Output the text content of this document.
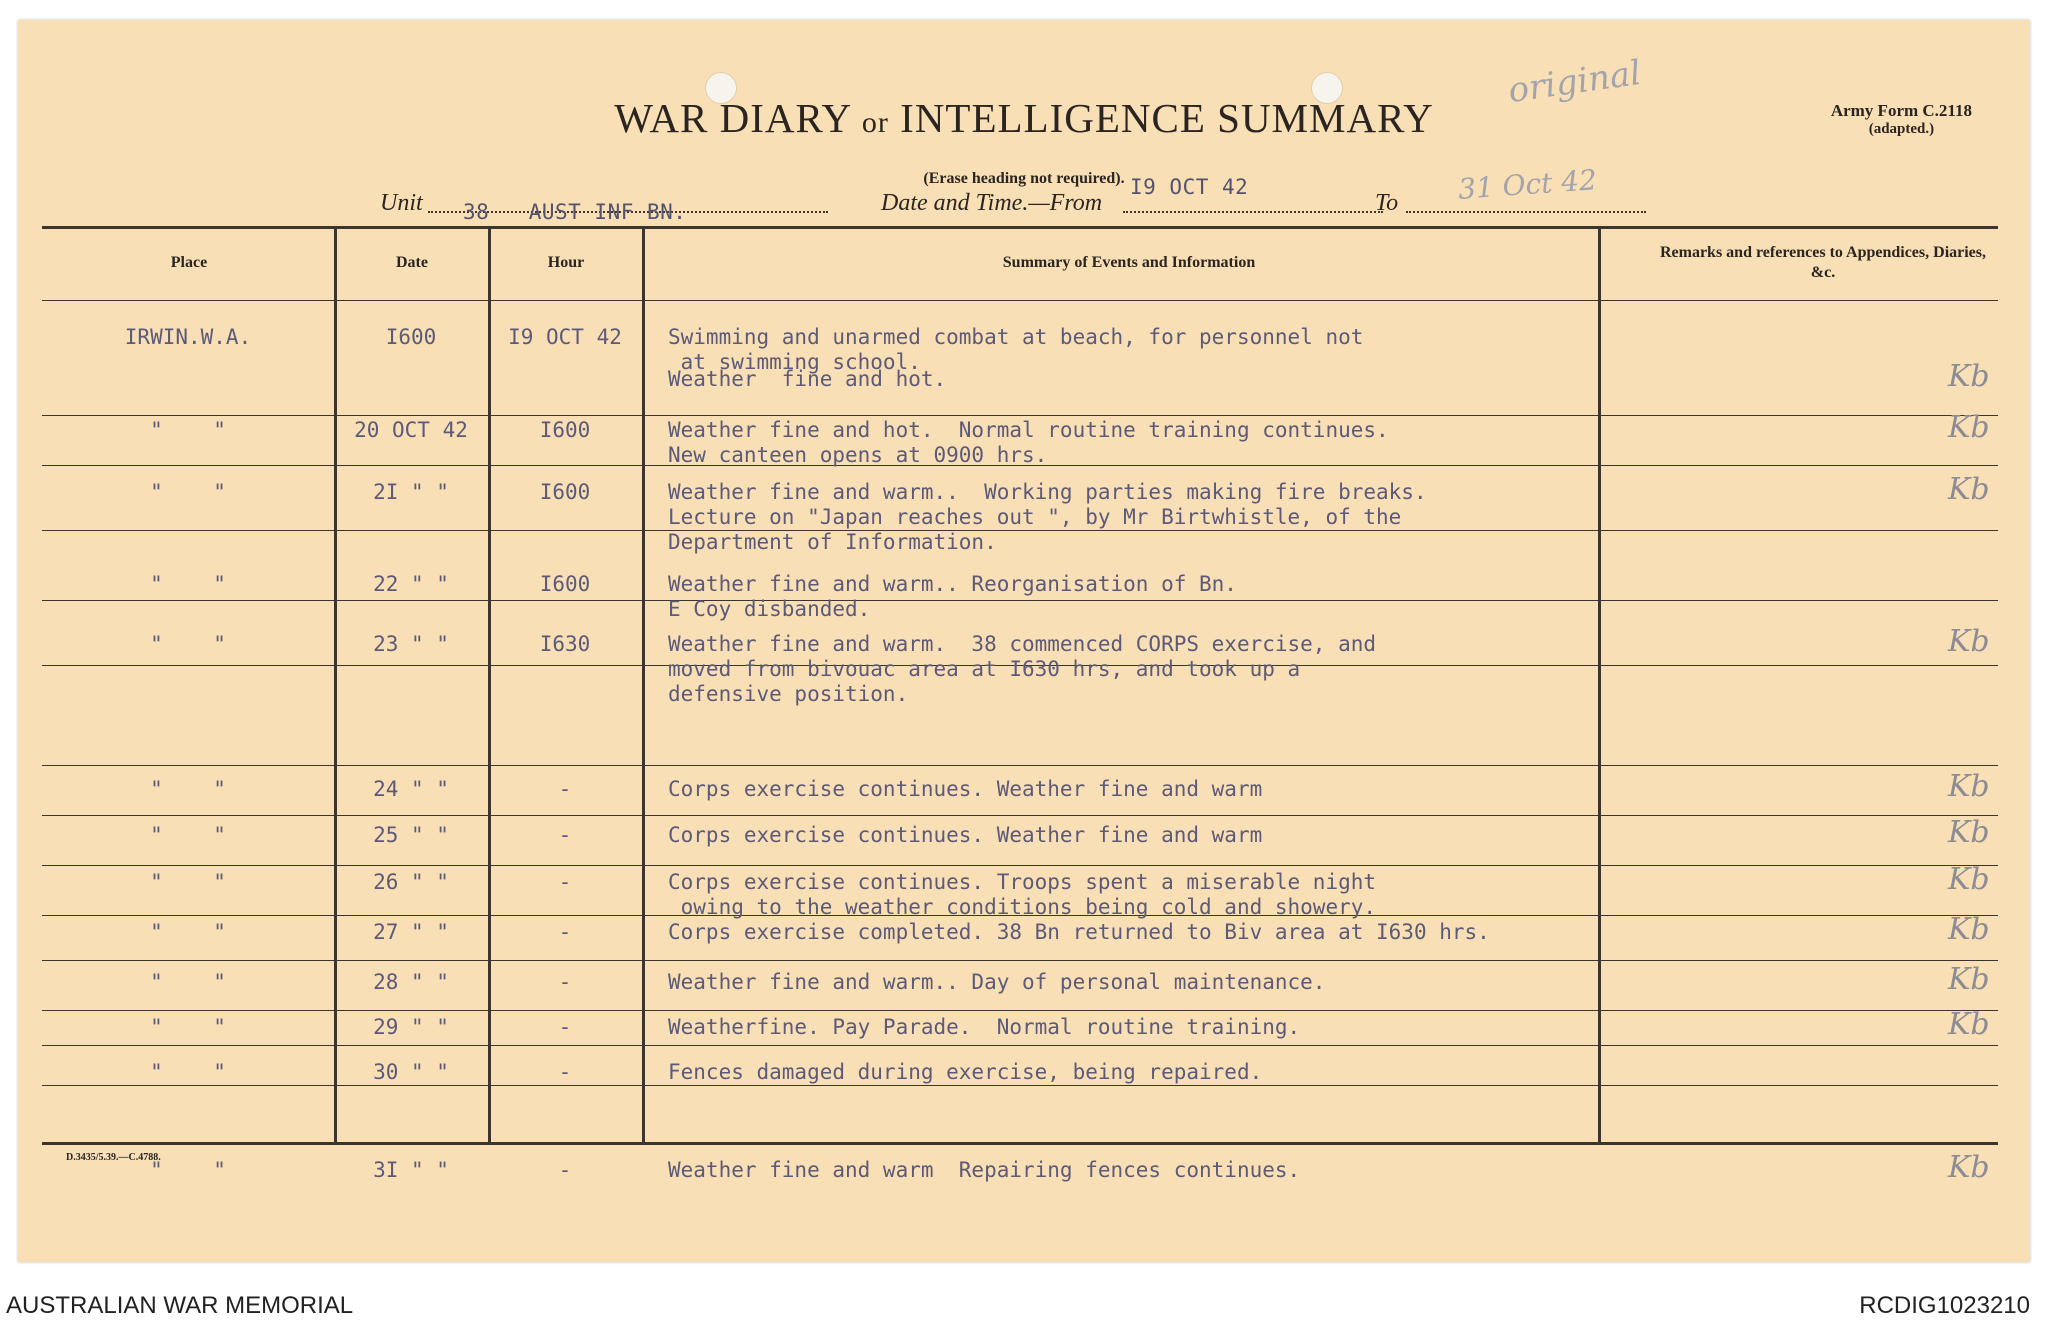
WAR DIARY or INTELLIGENCE SUMMARY
(Erase heading not required).
original	Army Form C.2118
(adapted.)
Unit 38   AUST INF BN.	Date and Time.—From
I9 OCT 42
To 31 Oct 42
Place	Date	Hour	Summary of Events and Information
Remarks and references to Appendices, Diaries, &c.
IRWIN.W.A.	I600	I9 OCT 42	Swimming and unarmed combat at beach, for personnel not
at swimming school.
Weather  fine and hot.	Kb
"    "	20 OCT 42	I600	Weather fine and hot.  Normal routine training continues.
New canteen opens at 0900 hrs.
Kb
"    "	2I " "	I600	Weather fine and warm..  Working parties making fire breaks.
Lecture on "Japan reaches out ", by Mr Birtwhistle, of the
Department of Information.
Kb
"    "	22 " "	I600	Weather fine and warm.. Reorganisation of Bn.
E Coy disbanded.
"    "	23 " "	I630	Weather fine and warm.  38 commenced CORPS exercise, and
moved from bivouac area at I630 hrs, and took up a
defensive position.
Kb
"    "	24 " "	-	Corps exercise continues. Weather fine and warm	Kb
"    "	25 " "	-	Corps exercise continues. Weather fine and warm	Kb
"    "	26 " "	-	Corps exercise continues. Troops spent a miserable night
owing to the weather conditions being cold and showery.
Kb
"    "	27 " "	-	Corps exercise completed. 38 Bn returned to Biv area at I630 hrs.	Kb
"    "	28 " "	-	Weather fine and warm.. Day of personal maintenance.	Kb
"    "	29 " "	-	Weatherfine. Pay Parade.  Normal routine training.	Kb
"    "	30 " "	-	Fences damaged during exercise, being repaired.
"    "	3I " "	-	Weather fine and warm  Repairing fences continues.	Kb
D.3435/5.39.—C.4788.
AUSTRALIAN WAR MEMORIAL	RCDIG1023210
